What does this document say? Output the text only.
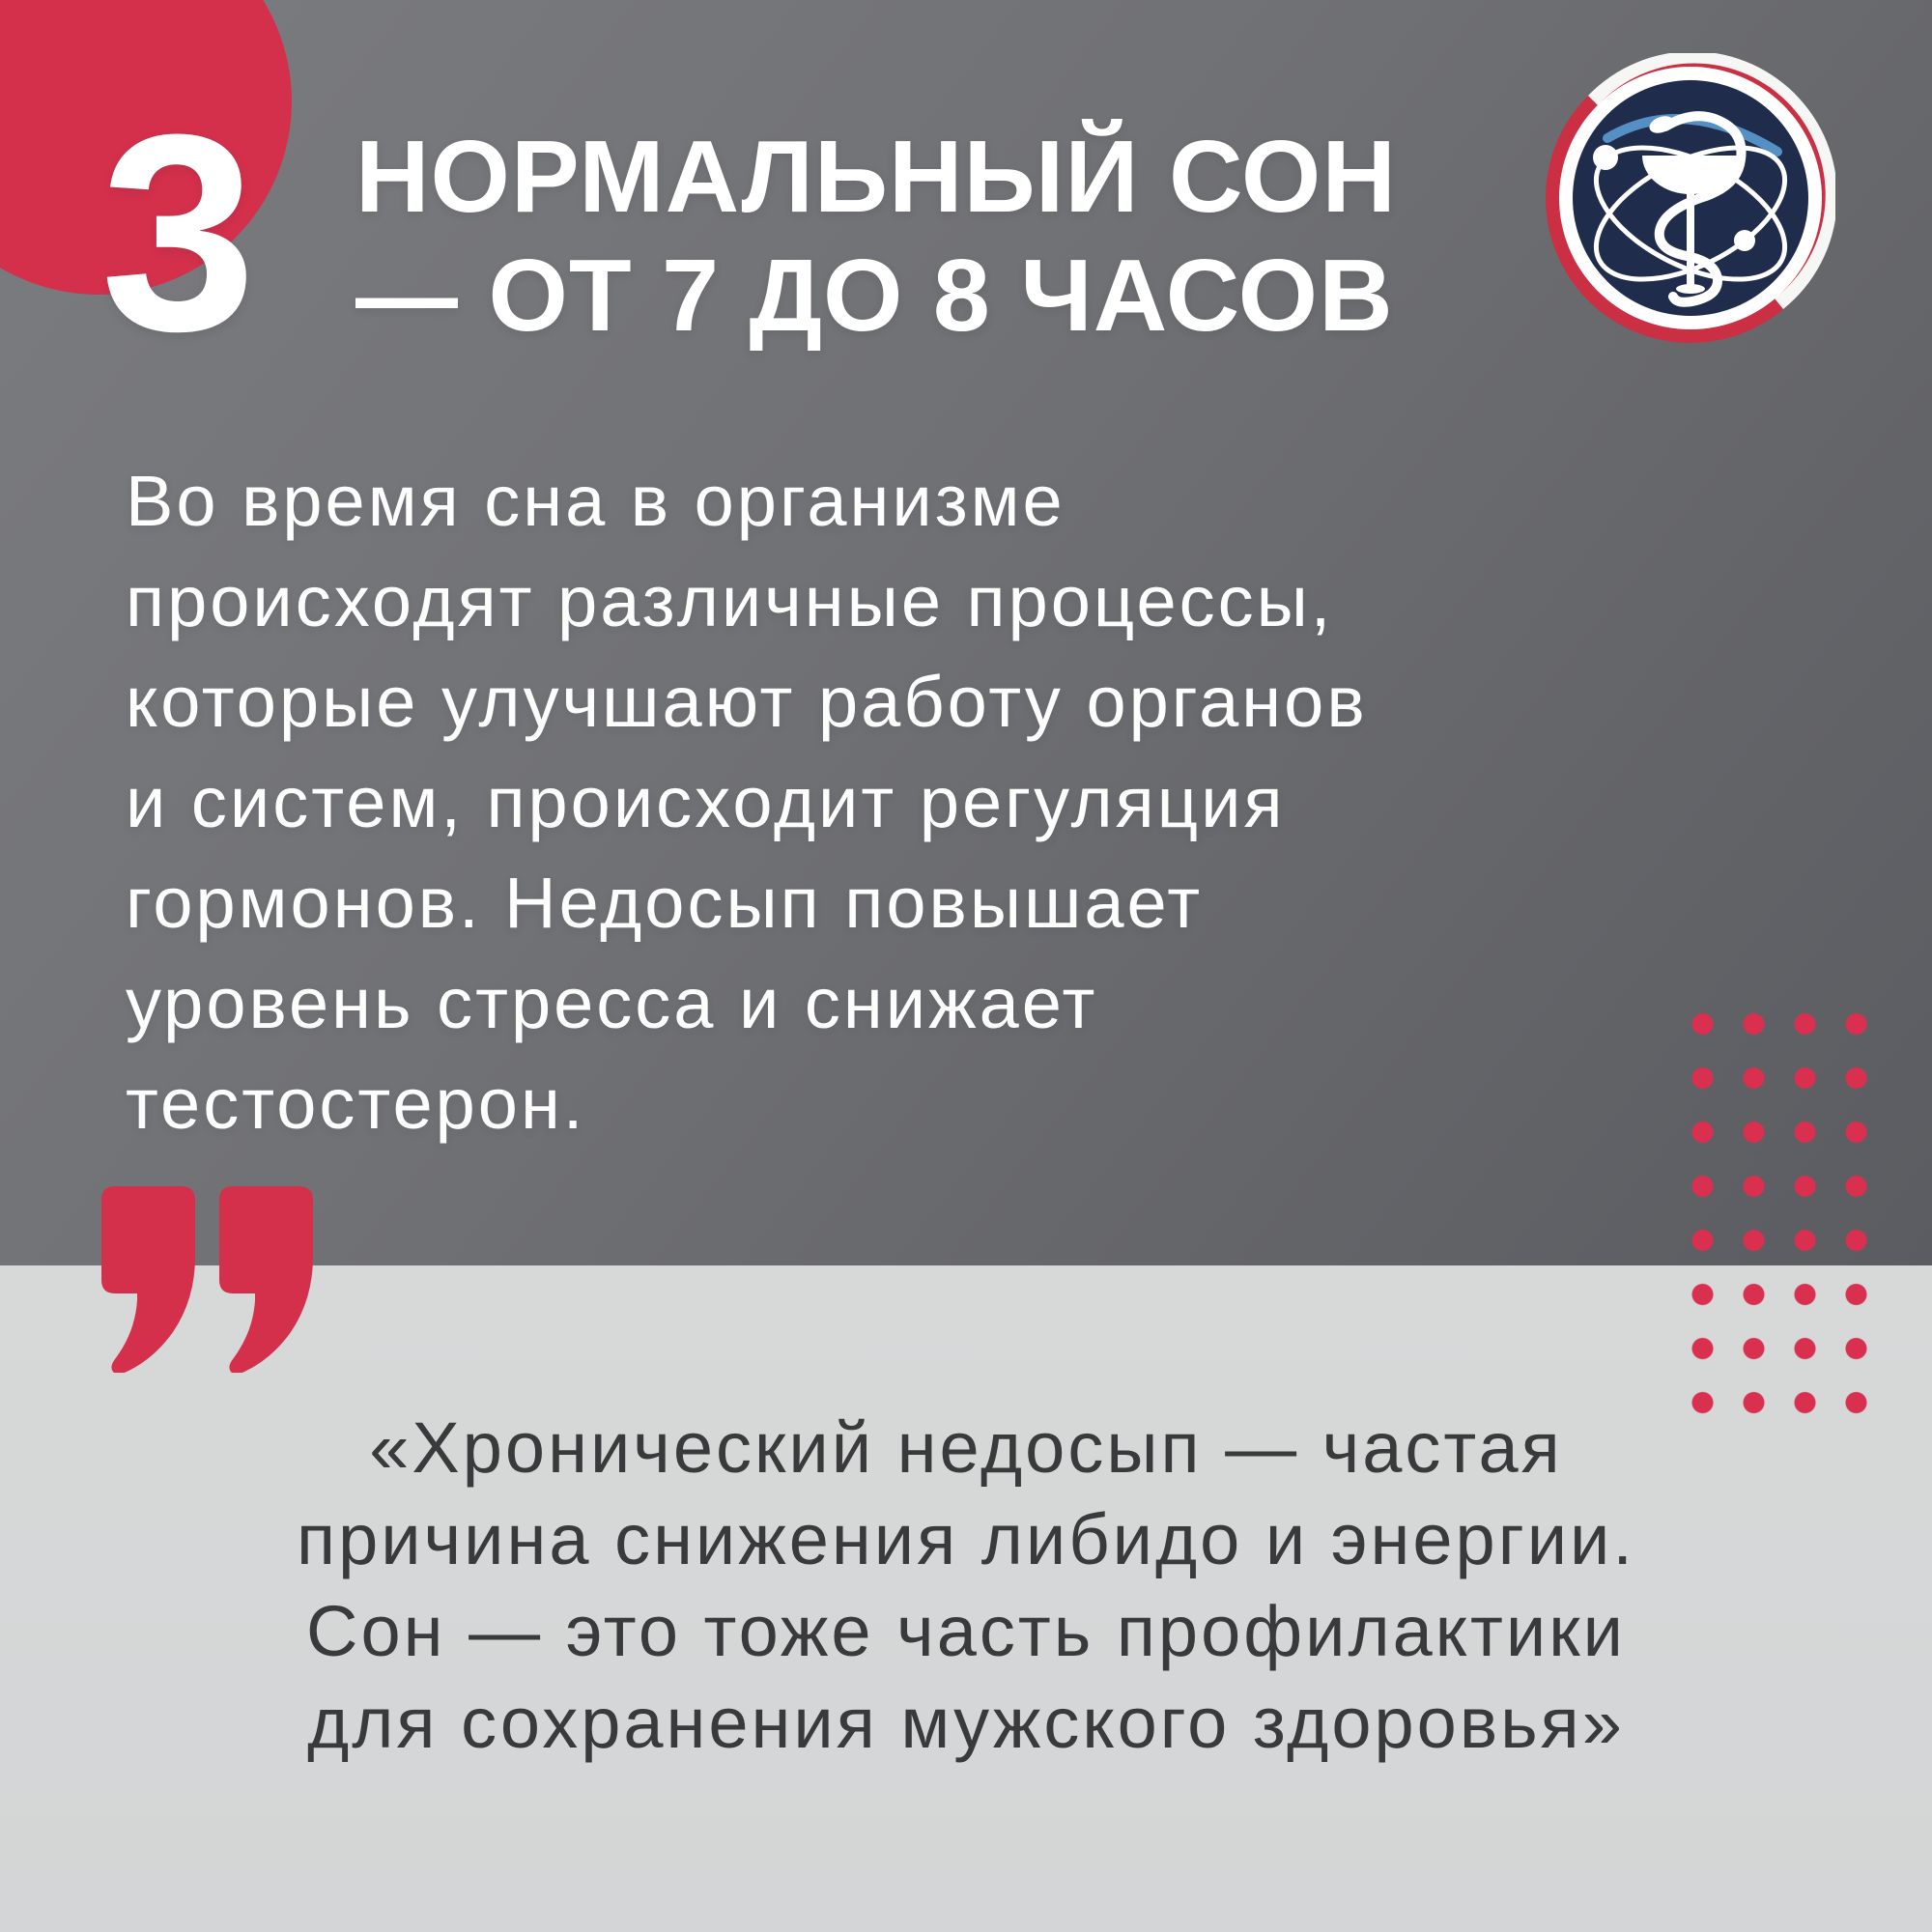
3 НОРМАЛЬНЫЙ СОН
— ОТ 7 ДО 8 ЧАСОВ
Во время сна в организме
происходят различные процессы,
которые улучшают работу органов
и систем, происходит регуляция
гормонов. Недосып повышает
уровень стресса и снижает
тестостерон.
«Хронический недосып — частая
причина снижения либидо и энергии.
Сон — это тоже часть профилактики
для сохранения мужского здоровья»
